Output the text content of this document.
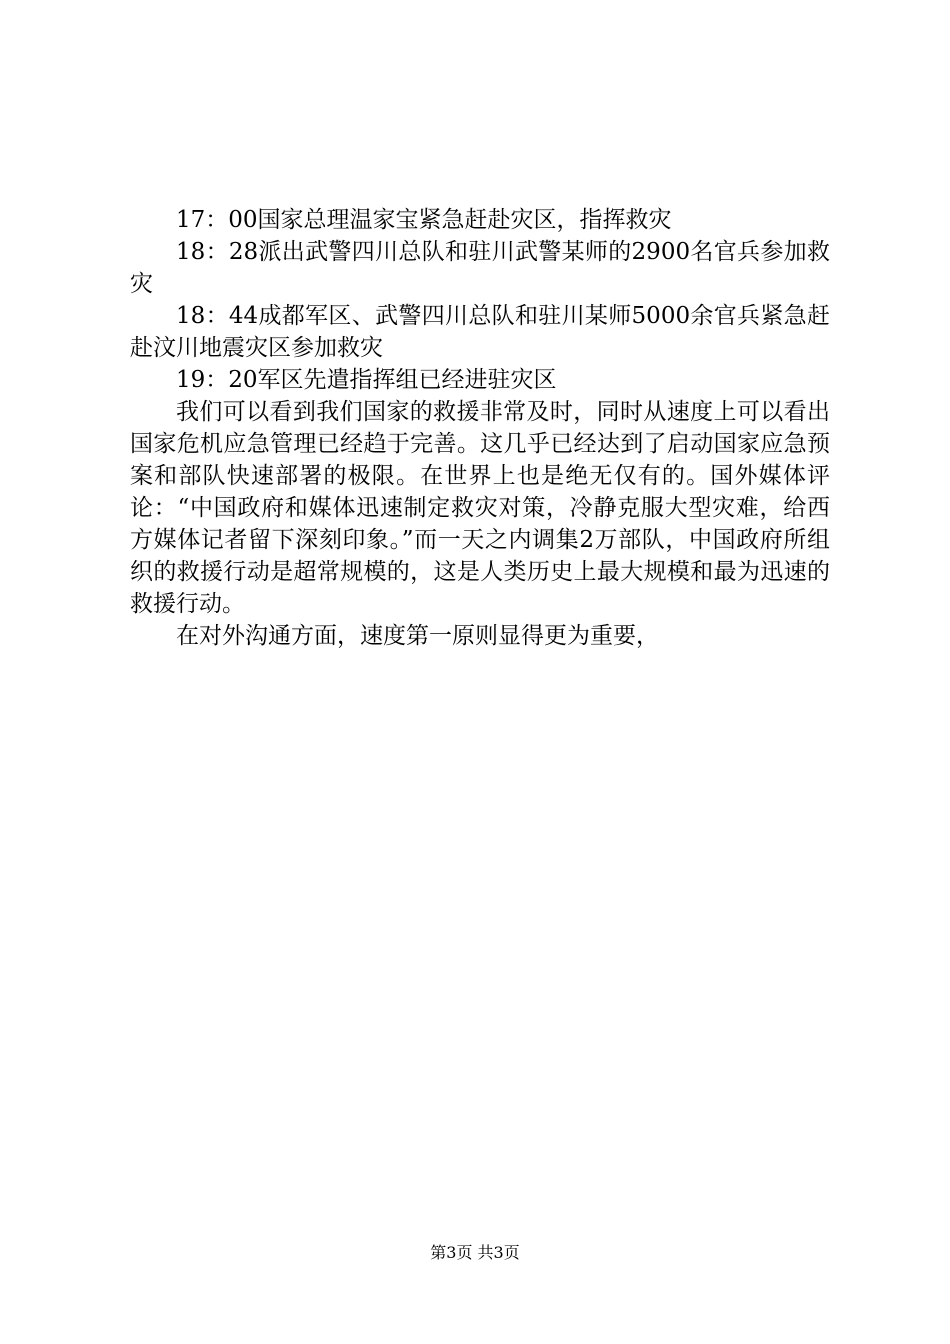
17：00国家总理温家宝紧急赶赴灾区，指挥救灾

18：28派出武警四川总队和驻川武警某师的2900名官兵参加救灾

18：44成都军区、武警四川总队和驻川某师5000余官兵紧急赶赴汶川地震灾区参加救灾

19：20军区先遣指挥组已经进驻灾区

我们可以看到我们国家的救援非常及时，同时从速度上可以看出国家危机应急管理已经趋于完善。这几乎已经达到了启动国家应急预案和部队快速部署的极限。在世界上也是绝无仅有的。国外媒体评论：“中国政府和媒体迅速制定救灾对策，冷静克服大型灾难，给西方媒体记者留下深刻印象。”而一天之内调集2万部队，中国政府所组织的救援行动是超常规模的，这是人类历史上最大规模和最为迅速的救援行动。

在对外沟通方面，速度第一原则显得更为重要，

第3页 共3页
